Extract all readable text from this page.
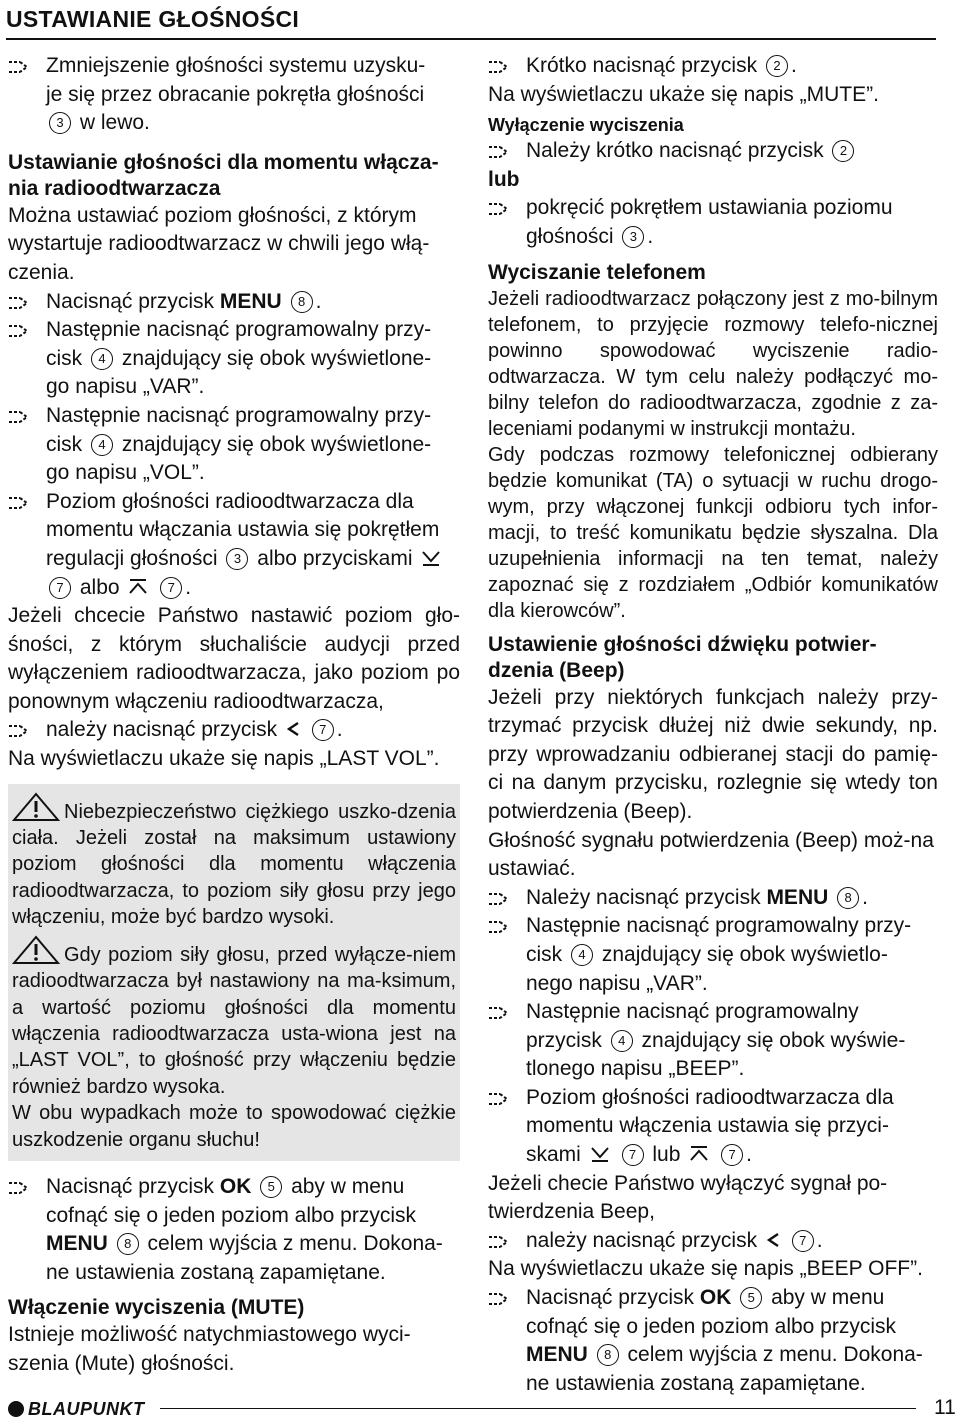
USTAWIANIE GŁOŚNOŚCI
Zmniejszenie głośności systemu uzysku-
je się przez obracanie pokrętła głośności
3 w lewo.

Ustawianie głośności dla momentu włącza-nia radioodtwarzacza

Można ustawiać poziom głośności, z którym wystartuje radioodtwarzacz w chwili jego włą-czenia.

Nacisnąć przycisk MENU 8 .
Następnie nacisnąć programowalny przy-
cisk 4 znajdujący się obok wyświetlone-
go napisu „VAR”.
Następnie nacisnąć programowalny przy-
cisk 4 znajdujący się obok wyświetlone-
go napisu „VOL”.
Poziom głośności radioodtwarzacza dla
momentu włączania ustawia się pokrętłem
regulacji głośności 3 albo przyciskami
7 albo	7 .

Jeżeli chcecie Państwo nastawić poziom gło-śności, z którym słuchaliście audycji przed wyłączeniem radioodtwarzacza, jako poziom po ponownym włączeniu radioodtwarzacza,

należy nacisnąć przycisk	7 .

Na wyświetlaczu ukaże się napis „LAST VOL”.

Niebezpieczeństwo ciężkiego uszko-dzenia ciała. Jeżeli został na maksimum ustawiony poziom głośności dla momentu włączenia radioodtwarzacza, to poziom siły głosu przy jego włączeniu, może być bardzo wysoki.

Gdy poziom siły głosu, przed wyłącze-niem radioodtwarzacza był nastawiony na ma-ksimum, a wartość poziomu głośności dla momentu włączenia radioodtwarzacza usta-wiona jest na „LAST VOL”, to głośność przy włączeniu będzie również bardzo wysoka.

W obu wypadkach może to spowodować ciężkie uszkodzenie organu słuchu!

Nacisnąć przycisk OK 5 aby w menu cofnąć się o jeden poziom albo przycisk MENU 8 celem wyjścia z menu. Dokona-ne ustawienia zostaną zapamiętane.

Włączenie wyciszenia (MUTE)

Istnieje możliwość natychmiastowego wyci-szenia (Mute) głośności.

Krótko nacisnąć przycisk 2 .

Na wyświetlaczu ukaże się napis „MUTE”.

Wyłączenie wyciszenia

Należy krótko nacisnąć przycisk 2

lub

pokręcić pokrętłem ustawiania poziomu głośności 3 .

Wyciszanie telefonem

Jeżeli radioodtwarzacz połączony jest z mo-bilnym telefonem, to przyjęcie rozmowy telefo-nicznej powinno spowodować wyciszenie radio-odtwarzacza. W tym celu należy podłączyć mo-bilny telefon do radioodtwarzacza, zgodnie z za-leceniami podanymi w instrukcji montażu.

Gdy podczas rozmowy telefonicznej odbierany będzie komunikat (TA) o sytuacji w ruchu drogo-wym, przy włączonej funkcji odbioru tych infor-macji, to treść komunikatu będzie słyszalna. Dla uzupełnienia informacji na ten temat, należy zapoznać się z rozdziałem „Odbiór komunikatów dla kierowców”.

Ustawienie głośności dźwięku potwier-dzenia (Beep)

Jeżeli przy niektórych funkcjach należy przy-trzymać przycisk dłużej niż dwie sekundy, np. przy wprowadzaniu odbieranej stacji do pamię-ci na danym przycisku, rozlegnie się wtedy ton potwierdzenia (Beep).

Głośność sygnału potwierdzenia (Beep) moż-na ustawiać.

Należy nacisnąć przycisk MENU 8 .
Następnie nacisnąć programowalny przy-
cisk 4 znajdujący się obok wyświetlo-
nego napisu „VAR”.
Następnie nacisnąć programowalny
przycisk 4 znajdujący się obok wyświe-
tlonego napisu „BEEP”.
Poziom głośności radioodtwarzacza dla
momentu włączenia ustawia się przyci-
skami	7 lub	7 .

Jeżeli checie Państwo wyłączyć sygnał po-twierdzenia Beep,

należy nacisnąć przycisk	7 .

Na wyświetlaczu ukaże się napis „BEEP OFF”.

Nacisnąć przycisk OK 5 aby w menu cofnąć się o jeden poziom albo przycisk MENU 8 celem wyjścia z menu. Dokona-ne ustawienia zostaną zapamiętane.
BLAUPUNKT	11
